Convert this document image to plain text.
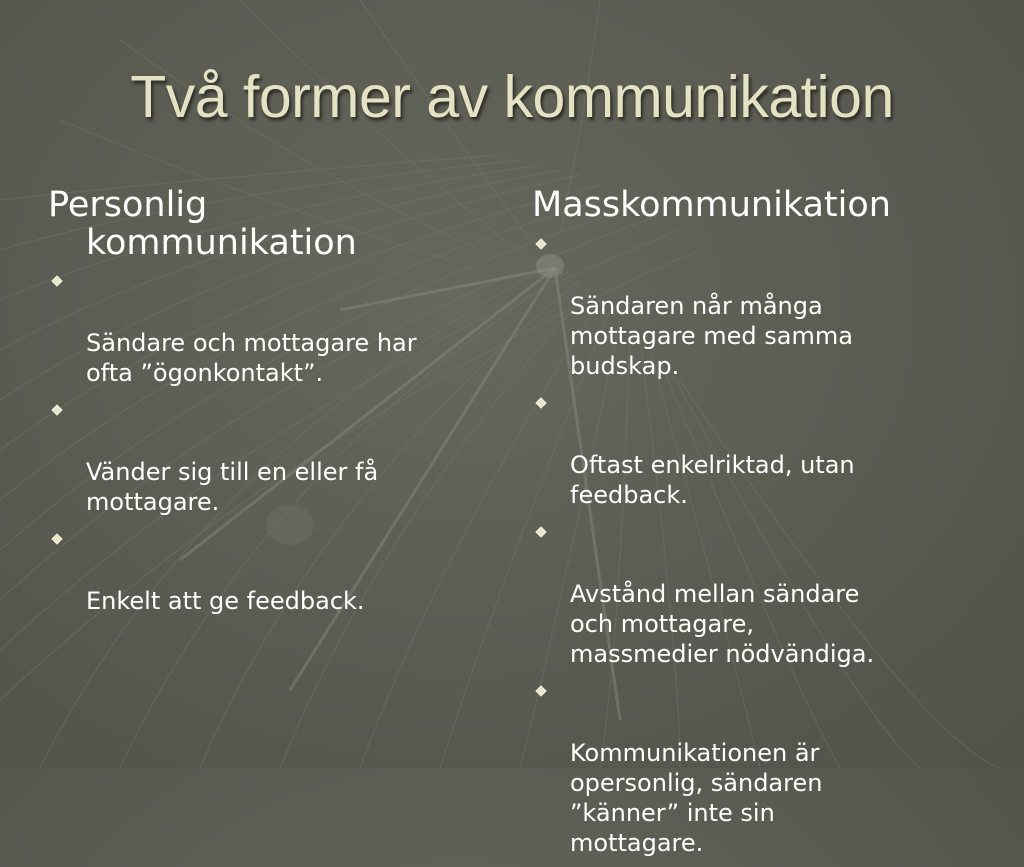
Två former av kommunikation
Personlig kommunikation

Sändare och mottagare har
ofta ”ögonkontakt”.

Vänder sig till en eller få
mottagare.

Enkelt att ge feedback.

Masskommunikation

Sändaren når många
mottagare med samma
budskap.

Oftast enkelriktad, utan
feedback.

Avstånd mellan sändare
och mottagare,
massmedier nödvändiga.

Kommunikationen är
opersonlig, sändaren
”känner” inte sin
mottagare.
